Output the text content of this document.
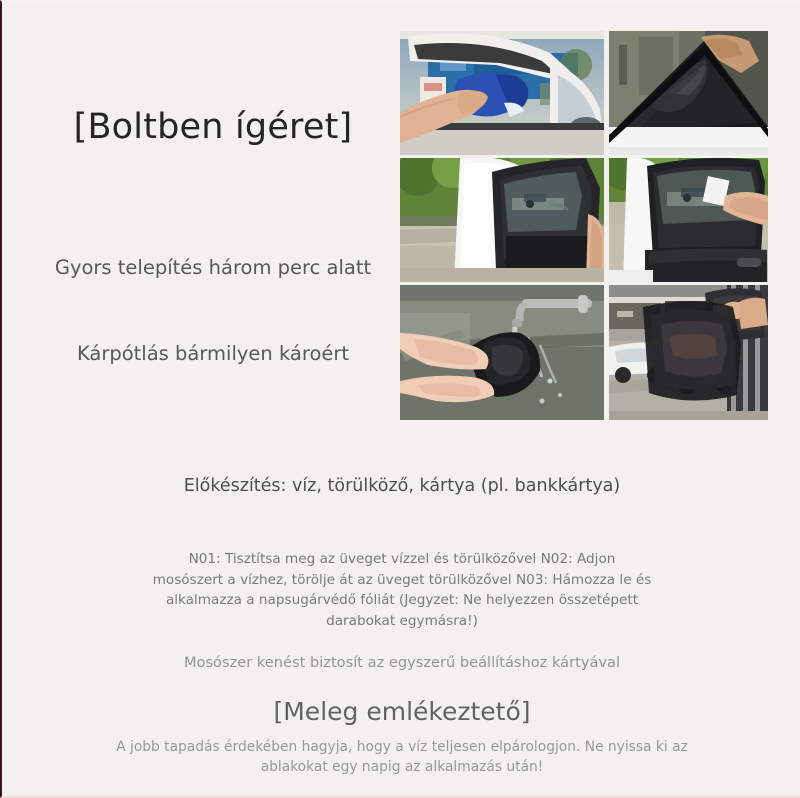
[Boltben ígéret]
Gyors telepítés három perc alatt
Kárpótlás bármilyen károért
Előkészítés: víz, törülköző, kártya (pl. bankkártya)
N01: Tisztítsa meg az üveget vízzel és törülközővel N02: Adjon mosószert a vízhez, törölje át az üveget törülközővel N03: Hámozza le és alkalmazza a napsugárvédő fóliát (Jegyzet: Ne helyezzen összetépett darabokat egymásra!)
Mosószer kenést biztosít az egyszerű beállításhoz kártyával
[Meleg emlékeztető]
A jobb tapadás érdekében hagyja, hogy a víz teljesen elpárologjon. Ne nyissa ki az ablakokat egy napig az alkalmazás után!
